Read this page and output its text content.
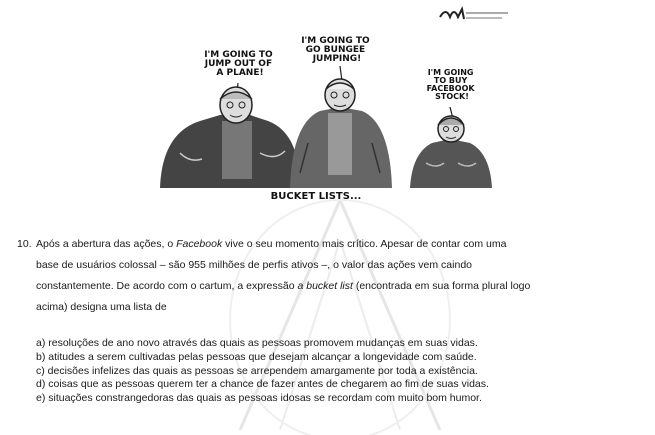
I'M GOING TO JUMP OUT OF A PLANE!
I'M GOING TO GO BUNGEE JUMPING!
I'M GOING TO BUY FACEBOOK STOCK!
BUCKET LISTS...
10. Após a abertura das ações, o Facebook vive o seu momento mais crítico. Apesar de contar com uma
base de usuários colossal – são 955 milhões de perfis ativos –, o valor das ações vem caindo
constantemente. De acordo com o cartum, a expressão a bucket list (encontrada em sua forma plural logo
acima) designa uma lista de
a) resoluções de ano novo através das quais as pessoas promovem mudanças em suas vidas.
b) atitudes a serem cultivadas pelas pessoas que desejam alcançar a longevidade com saúde.
c) decisões infelizes das quais as pessoas se arrependem amargamente por toda a existência.
d) coisas que as pessoas querem ter a chance de fazer antes de chegarem ao fim de suas vidas.
e) situações constrangedoras das quais as pessoas idosas se recordam com muito bom humor.
